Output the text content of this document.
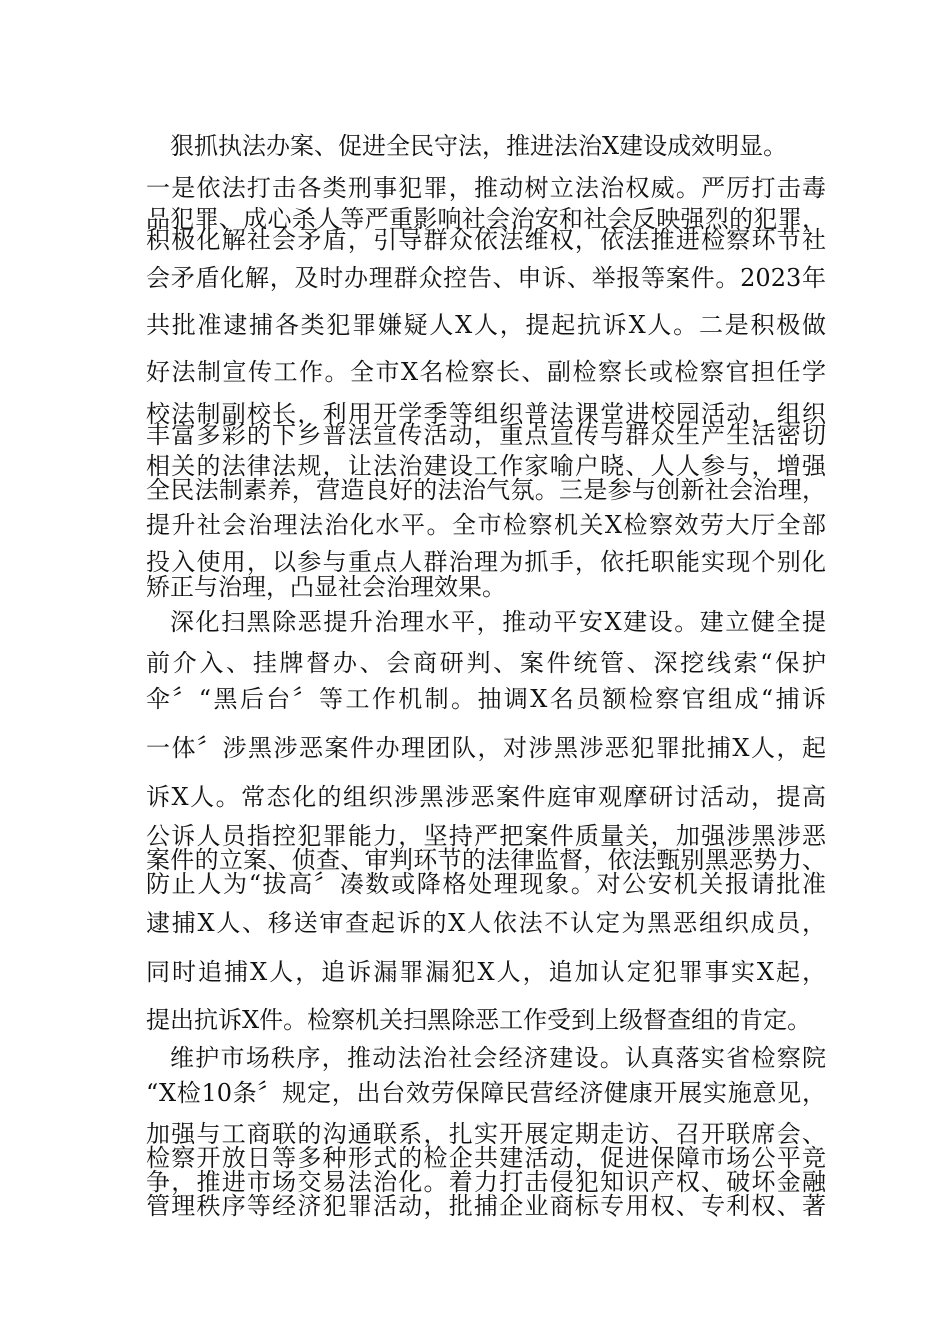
狠抓执法办案、促进全民守法，推进法治X建设成效明显。
一是依法打击各类刑事犯罪，推动树立法治权威。严厉打击毒
品犯罪、成心杀人等严重影响社会治安和社会反映强烈的犯罪，
积极化解社会矛盾，引导群众依法维权，依法推进检察环节社
会矛盾化解，及时办理群众控告、申诉、举报等案件。2023年
共批准逮捕各类犯罪嫌疑人X人，提起抗诉X人。二是积极做
好法制宣传工作。全市X名检察长、副检察长或检察官担任学
校法制副校长，利用开学季等组织普法课堂进校园活动，组织
丰富多彩的下乡普法宣传活动，重点宣传与群众生产生活密切
相关的法律法规，让法治建设工作家喻户晓、人人参与，增强
全民法制素养，营造良好的法治气氛。三是参与创新社会治理，
提升社会治理法治化水平。全市检察机关X检察效劳大厅全部
投入使用，以参与重点人群治理为抓手，依托职能实现个别化
矫正与治理，凸显社会治理效果。
深化扫黑除恶提升治理水平，推动平安X建设。建立健全提
前介入、挂牌督办、会商研判、案件统管、深挖线索“保护
伞〞“黑后台〞等工作机制。抽调X名员额检察官组成“捕诉
一体〞涉黑涉恶案件办理团队，对涉黑涉恶犯罪批捕X人，起
诉X人。常态化的组织涉黑涉恶案件庭审观摩研讨活动，提高
公诉人员指控犯罪能力，坚持严把案件质量关，加强涉黑涉恶
案件的立案、侦查、审判环节的法律监督，依法甄别黑恶势力、
防止人为“拔高〞凑数或降格处理现象。对公安机关报请批准
逮捕X人、移送审查起诉的X人依法不认定为黑恶组织成员，
同时追捕X人，追诉漏罪漏犯X人，追加认定犯罪事实X起，
提出抗诉X件。检察机关扫黑除恶工作受到上级督查组的肯定。
维护市场秩序，推动法治社会经济建设。认真落实省检察院
“X检10条〞规定，出台效劳保障民营经济健康开展实施意见，
加强与工商联的沟通联系，扎实开展定期走访、召开联席会、
检察开放日等多种形式的检企共建活动，促进保障市场公平竞
争，推进市场交易法治化。着力打击侵犯知识产权、破坏金融
管理秩序等经济犯罪活动，批捕企业商标专用权、专利权、著
